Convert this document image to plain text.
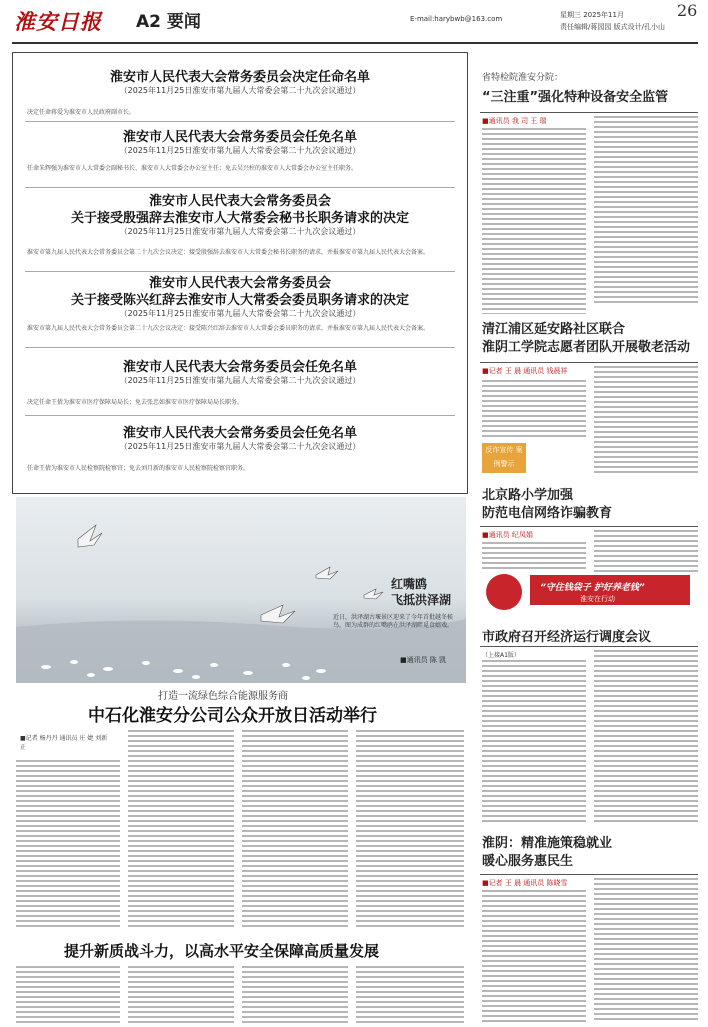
淮安日报 A2 要闻	E-mail:harybwb@163.com	星期三 2025年11月	26
责任编辑/蒋园园 版式设计/孔小山
淮安市人民代表大会常务委员会决定任命名单
（2025年11月25日淮安市第九届人大常委会第二十九次会议通过）
决定任命蒋爱为淮安市人民政府副市长。
淮安市人民代表大会常务委员会任免名单
（2025年11月25日淮安市第九届人大常委会第二十九次会议通过）
任命朱辉强为淮安市人大常委会副秘书长、淮安市人大常委会办公室主任；免去吴兴柱的淮安市人大常委会办公室主任职务。
淮安市人民代表大会常务委员会
关于接受殷强辞去淮安市人大常委会秘书长职务请求的决定
（2025年11月25日淮安市第九届人大常委会第二十九次会议通过）
淮安市第九届人民代表大会常务委员会第二十九次会议决定：接受殷强辞去淮安市人大常委会秘书长职务的请求，并报淮安市第九届人民代表大会备案。
淮安市人民代表大会常务委员会
关于接受陈兴红辞去淮安市人大常委会委员职务请求的决定
（2025年11月25日淮安市第九届人大常委会第二十九次会议通过）
淮安市第九届人民代表大会常务委员会第二十九次会议决定：接受陈兴红辞去淮安市人大常委会委员职务的请求，并报淮安市第九届人民代表大会备案。
淮安市人民代表大会常务委员会任免名单
（2025年11月25日淮安市第九届人大常委会第二十九次会议通过）
决定任命王倩为淮安市医疗保障局局长；免去张忠如淮安市医疗保障局局长职务。
淮安市人民代表大会常务委员会任免名单
（2025年11月25日淮安市第九届人大常委会第二十九次会议通过）
任命王倩为淮安市人民检察院检察官；免去刘月新的淮安市人民检察院检察官职务。
红嘴鸥
飞抵洪泽湖
近日，洪泽湖古堰景区迎来了今年首批越冬候鸟，图为成群的红嘴鸥在洪泽湖畔觅食嬉戏。
■通讯员 陈 凯
打造一流绿色综合能源服务商
中石化淮安分公司公众开放日活动举行
■记者 杨丹丹 通讯员 庄 婕 刘新正
提升新质战斗力，以高水平安全保障高质量发展
省特检院淮安分院：
“三注重”强化特种设备安全监管
■通讯员 我 司 王 瑞
清江浦区延安路社区联合
淮阴工学院志愿者团队开展敬老活动
■记者 王 晨 通讯员 钱晨祥
反诈宣传 案例警示
北京路小学加强
防范电信网络诈骗教育
■通讯员 纪凤娟
“守住钱袋子 护好养老钱”
淮安在行动
市政府召开经济运行调度会议
（上接A1版）
淮阴：精准施策稳就业
暖心服务惠民生
■记者 王 晨 通讯员 陈晓雪
